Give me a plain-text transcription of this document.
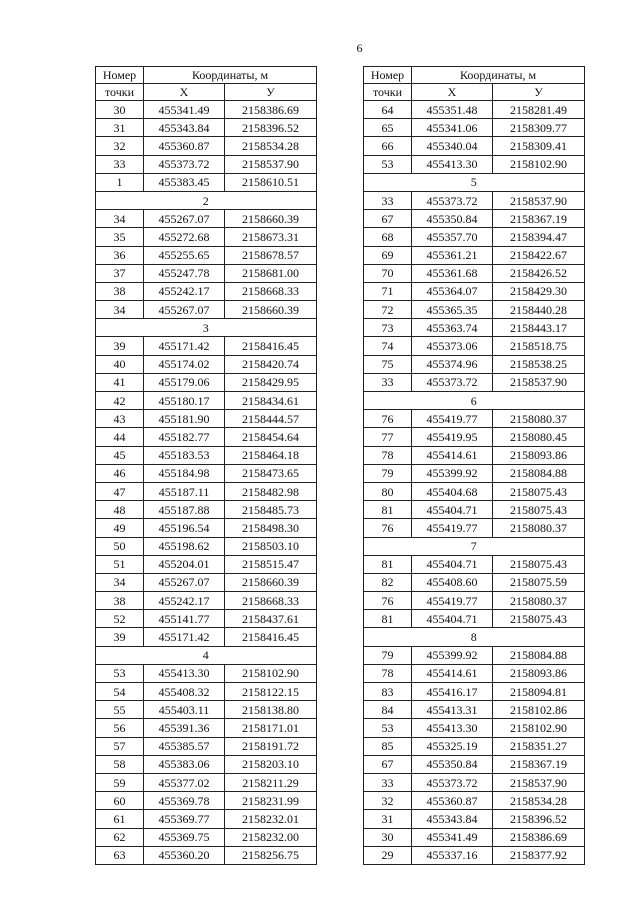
6
Номер	Координаты, м	
точки	X	У
30	455341.49	2158386.69
31	455343.84	2158396.52
32	455360.87	2158534.28
33	455373.72	2158537.90
1	455383.45	2158610.51
2		
34	455267.07	2158660.39
35	455272.68	2158673.31
36	455255.65	2158678.57
37	455247.78	2158681.00
38	455242.17	2158668.33
34	455267.07	2158660.39
3		
39	455171.42	2158416.45
40	455174.02	2158420.74
41	455179.06	2158429.95
42	455180.17	2158434.61
43	455181.90	2158444.57
44	455182.77	2158454.64
45	455183.53	2158464.18
46	455184.98	2158473.65
47	455187.11	2158482.98
48	455187.88	2158485.73
49	455196.54	2158498.30
50	455198.62	2158503.10
51	455204.01	2158515.47
34	455267.07	2158660.39
38	455242.17	2158668.33
52	455141.77	2158437.61
39	455171.42	2158416.45
4		
53	455413.30	2158102.90
54	455408.32	2158122.15
55	455403.11	2158138.80
56	455391.36	2158171.01
57	455385.57	2158191.72
58	455383.06	2158203.10
59	455377.02	2158211.29
60	455369.78	2158231.99
61	455369.77	2158232.01
62	455369.75	2158232.00
63	455360.20	2158256.75
Номер	Координаты, м	
точки	X	У
64	455351.48	2158281.49
65	455341.06	2158309.77
66	455340.04	2158309.41
53	455413.30	2158102.90
5		
33	455373.72	2158537.90
67	455350.84	2158367.19
68	455357.70	2158394.47
69	455361.21	2158422.67
70	455361.68	2158426.52
71	455364.07	2158429.30
72	455365.35	2158440.28
73	455363.74	2158443.17
74	455373.06	2158518.75
75	455374.96	2158538.25
33	455373.72	2158537.90
6		
76	455419.77	2158080.37
77	455419.95	2158080.45
78	455414.61	2158093.86
79	455399.92	2158084.88
80	455404.68	2158075.43
81	455404.71	2158075.43
76	455419.77	2158080.37
7		
81	455404.71	2158075.43
82	455408.60	2158075.59
76	455419.77	2158080.37
81	455404.71	2158075.43
8		
79	455399.92	2158084.88
78	455414.61	2158093.86
83	455416.17	2158094.81
84	455413.31	2158102.86
53	455413.30	2158102.90
85	455325.19	2158351.27
67	455350.84	2158367.19
33	455373.72	2158537.90
32	455360.87	2158534.28
31	455343.84	2158396.52
30	455341.49	2158386.69
29	455337.16	2158377.92
